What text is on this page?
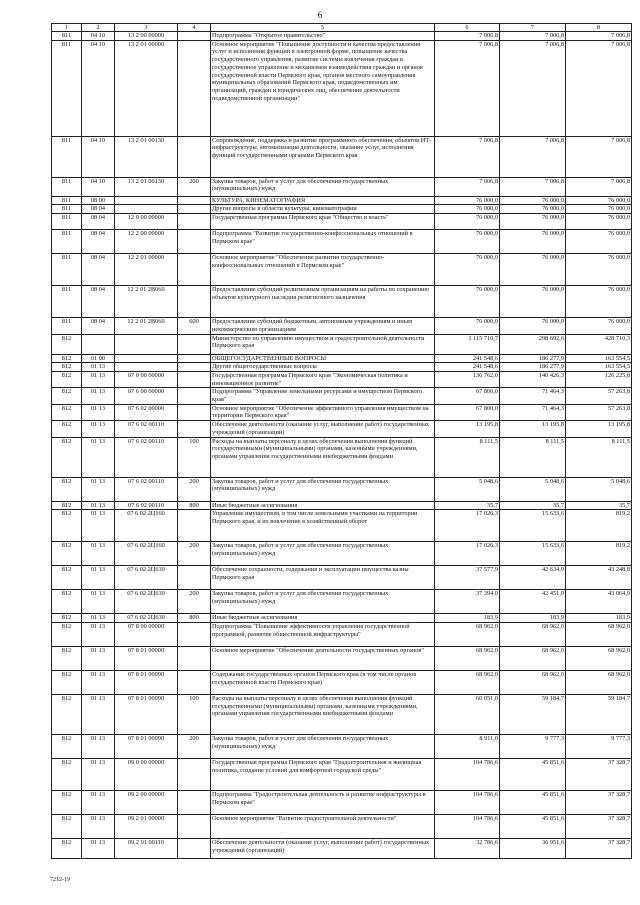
6
1	2	3	4	5	6	7	8
811	04 10	13 2 00 00000		Подпрограмма "Открытое правительство"	7 006,8	7 006,8	7 006,8
811	04 10	13 2 01 00000		Основное мероприятие "Повышение доступности и качества предоставления услуг и исполнения функций в электронной форме, повышение качества государственного управления, развитие системы вовлечения граждан в государственное управление и механизмов взаимодействия граждан и органов государственной власти Пермского края, органов местного самоуправления муниципальных образований Пермского края, подведомственных им организаций, граждан и юридических лиц, обеспечение деятельности подведомственной организации"	7 006,8	7 006,8	7 006,8
811	04 10	13 2 01 00130		Сопровождение, поддержка и развитие программного обеспечения, объектов ИТ-инфраструктуры, автоматизация деятельности, оказание услуг, исполнения функций государственными органами Пермского края	7 006,8	7 006,8	7 006,8
811	04 10	13 2 01 00130	200	Закупка товаров, работ и услуг для обеспечения государственных (муниципальных) нужд	7 006,8	7 006,8	7 006,8
811	08 00			КУЛЬТУРА, КИНЕМАТОГРАФИЯ	76 000,0	76 000,0	76 000,0
811	08 04			Другие вопросы в области культуры, кинематографии	76 000,0	76 000,0	76 000,0
811	08 04	12 0 00 00000		Государственная программа Пермского края "Общество и власть"	76 000,0	76 000,0	76 000,0
811	08 04	12 2 00 00000		Подпрограмма "Развитие государственно-конфессиональных отношений в Пермском крае"	76 000,0	76 000,0	76 000,0
811	08 04	12 2 01 00000		Основное мероприятие "Обеспечение развития государственно-конфессиональных отношений в Пермском крае"	76 000,0	76 000,0	76 000,0
811	08 04	12 2 01 2В060		Предоставление субсидий религиозным организациям на работы по сохранению объектов культурного наследия религиозного назначения	76 000,0	76 000,0	76 000,0
811	08 04	12 2 01 2В060	600	Предоставление субсидий бюджетным, автономным учреждениям и иным некоммерческим организациям	76 000,0	76 000,0	76 000,0
812				Министерство по управлению имуществом и градостроительной деятельности Пермского края	1 115 710,7	298 692,6	428 710,3
812	01 00			ОБЩЕГОСУДАРСТВЕННЫЕ ВОПРОСЫ	241 548,6	186 277,9	163 554,5
812	01 13			Другие общегосударственные вопросы	241 548,6	186 277,9	163 554,5
812	01 13	07 0 00 00000		Государственная программа Пермского края "Экономическая политика и инновационное развитие"	136 762,0	140 426,3	126 225,8
812	01 13	07 6 00 00000		Подпрограмма "Управление земельными ресурсами и имуществом Пермского края"	67 800,0	71 464,3	57 263,8
812	01 13	07 6 02 00000		Основное мероприятие "Обеспечение эффективного управления имуществом на территории Пермского края"	67 800,0	71 464,3	57 263,8
812	01 13	07 6 02 00110		Обеспечение деятельности (оказание услуг, выполнение работ) государственных учреждений (организаций)	13 195,8	13 195,8	13 195,8
812	01 13	07 6 02 00110	100	Расходы на выплаты персоналу в целях обеспечения выполнения функций государственными (муниципальными) органами, казенными учреждениями, органами управления государственными внебюджетными фондами	8 111,5	8 111,5	8 111,5
812	01 13	07 6 02 00110	200	Закупка товаров, работ и услуг для обеспечения государственных (муниципальных) нужд	5 048,6	5 048,6	5 048,6
812	01 13	07 6 02 00110	800	Иные бюджетные ассигнования	35,7	35,7	35,7
812	01 13	07 6 02 2Ц160		Управление имуществом, в том числе земельными участками на территории Пермского края, и их вовлечение в хозяйственный оборот	17 026,3	15 633,6	819,2
812	01 13	07 6 02 2Ц160	200	Закупка товаров, работ и услуг для обеспечения государственных (муниципальных) нужд	17 026,3	15 633,6	819,2
812	01 13	07 6 02 2Ц630		Обеспечение сохранности, содержания и эксплуатации имущества казны Пермского края	37 577,9	42 634,9	43 248,8
812	01 13	07 6 02 2Ц630	200	Закупка товаров, работ и услуг для обеспечения государственных (муниципальных) нужд	37 394,0	42 451,0	43 064,9
812	01 13	07 6 02 2Ц630	800	Иные бюджетные ассигнования	183,9	183,9	183,9
812	01 13	07 8 00 00000		Подпрограмма "Повышение эффективности управления государственной программой, развитие общественной инфраструктуры"	68 962,0	68 962,0	68 962,0
812	01 13	07 8 01 00000		Основное мероприятие "Обеспечение деятельности государственных органов"	68 962,0	68 962,0	68 962,0
812	01 13	07 8 01 00090		Содержание государственных органов Пермского края (в том числе органов государственной власти Пермского края)	68 962,0	68 962,0	68 962,0
812	01 13	07 8 01 00090	100	Расходы на выплаты персоналу в целях обеспечения выполнения функций государственными (муниципальными) органами, казенными учреждениями, органами управления государственными внебюджетными фондами	60 051,0	59 184,7	59 184,7
812	01 13	07 8 01 00090	200	Закупка товаров, работ и услуг для обеспечения государственных (муниципальных) нужд	8 911,0	9 777,3	9 777,3
812	01 13	09 0 00 00000		Государственная программа Пермского края "Градостроительная и жилищная политика, создание условий для комфортной городской среды"	104 786,6	45 851,6	37 328,7
812	01 13	09 2 00 00000		Подпрограмма "Градостроительная деятельность и развитие инфраструктуры в Пермском крае"	104 786,6	45 851,6	37 328,7
812	01 13	09 2 01 00000		Основное мероприятие "Развитие градостроительной деятельности"	104 786,6	45 851,6	37 328,7
812	01 13	09 2 01 00110		Обеспечение деятельности (оказание услуг, выполнение работ) государственных учреждений (организаций)	32 786,6	36 951,6	37 328,7
7212-19
